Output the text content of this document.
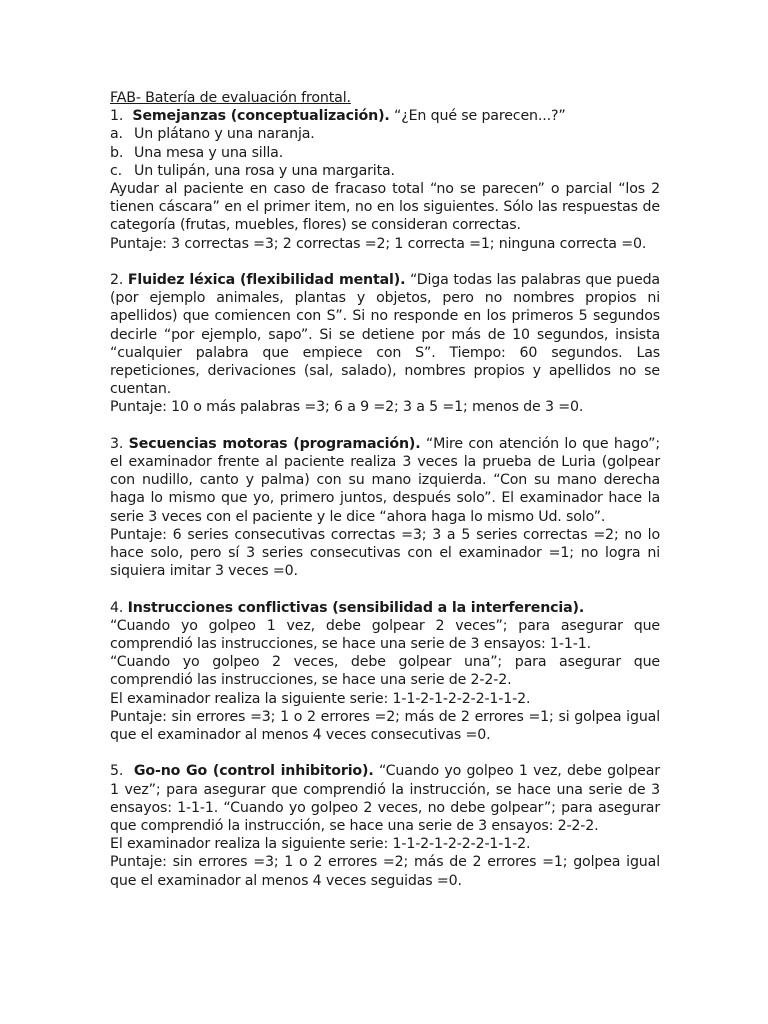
FAB- Batería de evaluación frontal.

1. Semejanzas (conceptualización). “¿En qué se parecen...?”

a. Un plátano y una naranja.

b. Una mesa y una silla.

c. Un tulipán, una rosa y una margarita.

Ayudar al paciente en caso de fracaso total “no se parecen” o parcial “los 2 tienen cáscara” en el primer item, no en los siguientes. Sólo las respuestas de categoría (frutas, muebles, flores) se consideran correctas.

Puntaje: 3 correctas =3; 2 correctas =2; 1 correcta =1; ninguna correcta =0.

2. Fluidez léxica (flexibilidad mental). “Diga todas las palabras que pueda (por ejemplo animales, plantas y objetos, pero no nombres propios ni apellidos) que comiencen con S”. Si no responde en los primeros 5 segundos decirle “por ejemplo, sapo”. Si se detiene por más de 10 segundos, insista “cualquier palabra que empiece con S”. Tiempo: 60 segundos. Las repeticiones, derivaciones (sal, salado), nombres propios y apellidos no se cuentan.

Puntaje: 10 o más palabras =3; 6 a 9 =2; 3 a 5 =1; menos de 3 =0.

3. Secuencias motoras (programación). “Mire con atención lo que hago”; el examinador frente al paciente realiza 3 veces la prueba de Luria (golpear con nudillo, canto y palma) con su mano izquierda. “Con su mano derecha haga lo mismo que yo, primero juntos, después solo”. El examinador hace la serie 3 veces con el paciente y le dice “ahora haga lo mismo Ud. solo”.

Puntaje: 6 series consecutivas correctas =3; 3 a 5 series correctas =2; no lo hace solo, pero sí 3 series consecutivas con el examinador =1; no logra ni siquiera imitar 3 veces =0.

4. Instrucciones conflictivas (sensibilidad a la interferencia).

“Cuando yo golpeo 1 vez, debe golpear 2 veces”; para asegurar que comprendió las instrucciones, se hace una serie de 3 ensayos: 1-1-1.

“Cuando yo golpeo 2 veces, debe golpear una”; para asegurar que comprendió las instrucciones, se hace una serie de 2-2-2.

El examinador realiza la siguiente serie: 1-1-2-1-2-2-2-1-1-2.

Puntaje: sin errores =3; 1 o 2 errores =2; más de 2 errores =1; si golpea igual que el examinador al menos 4 veces consecutivas =0.

5.  Go-no Go (control inhibitorio). “Cuando yo golpeo 1 vez, debe golpear 1 vez”; para asegurar que comprendió la instrucción, se hace una serie de 3 ensayos: 1-1-1. “Cuando yo golpeo 2 veces, no debe golpear”; para asegurar que comprendió la instrucción, se hace una serie de 3 ensayos: 2-2-2.

El examinador realiza la siguiente serie: 1-1-2-1-2-2-2-1-1-2.

Puntaje: sin errores =3; 1 o 2 errores =2; más de 2 errores =1; golpea igual que el examinador al menos 4 veces seguidas =0.
